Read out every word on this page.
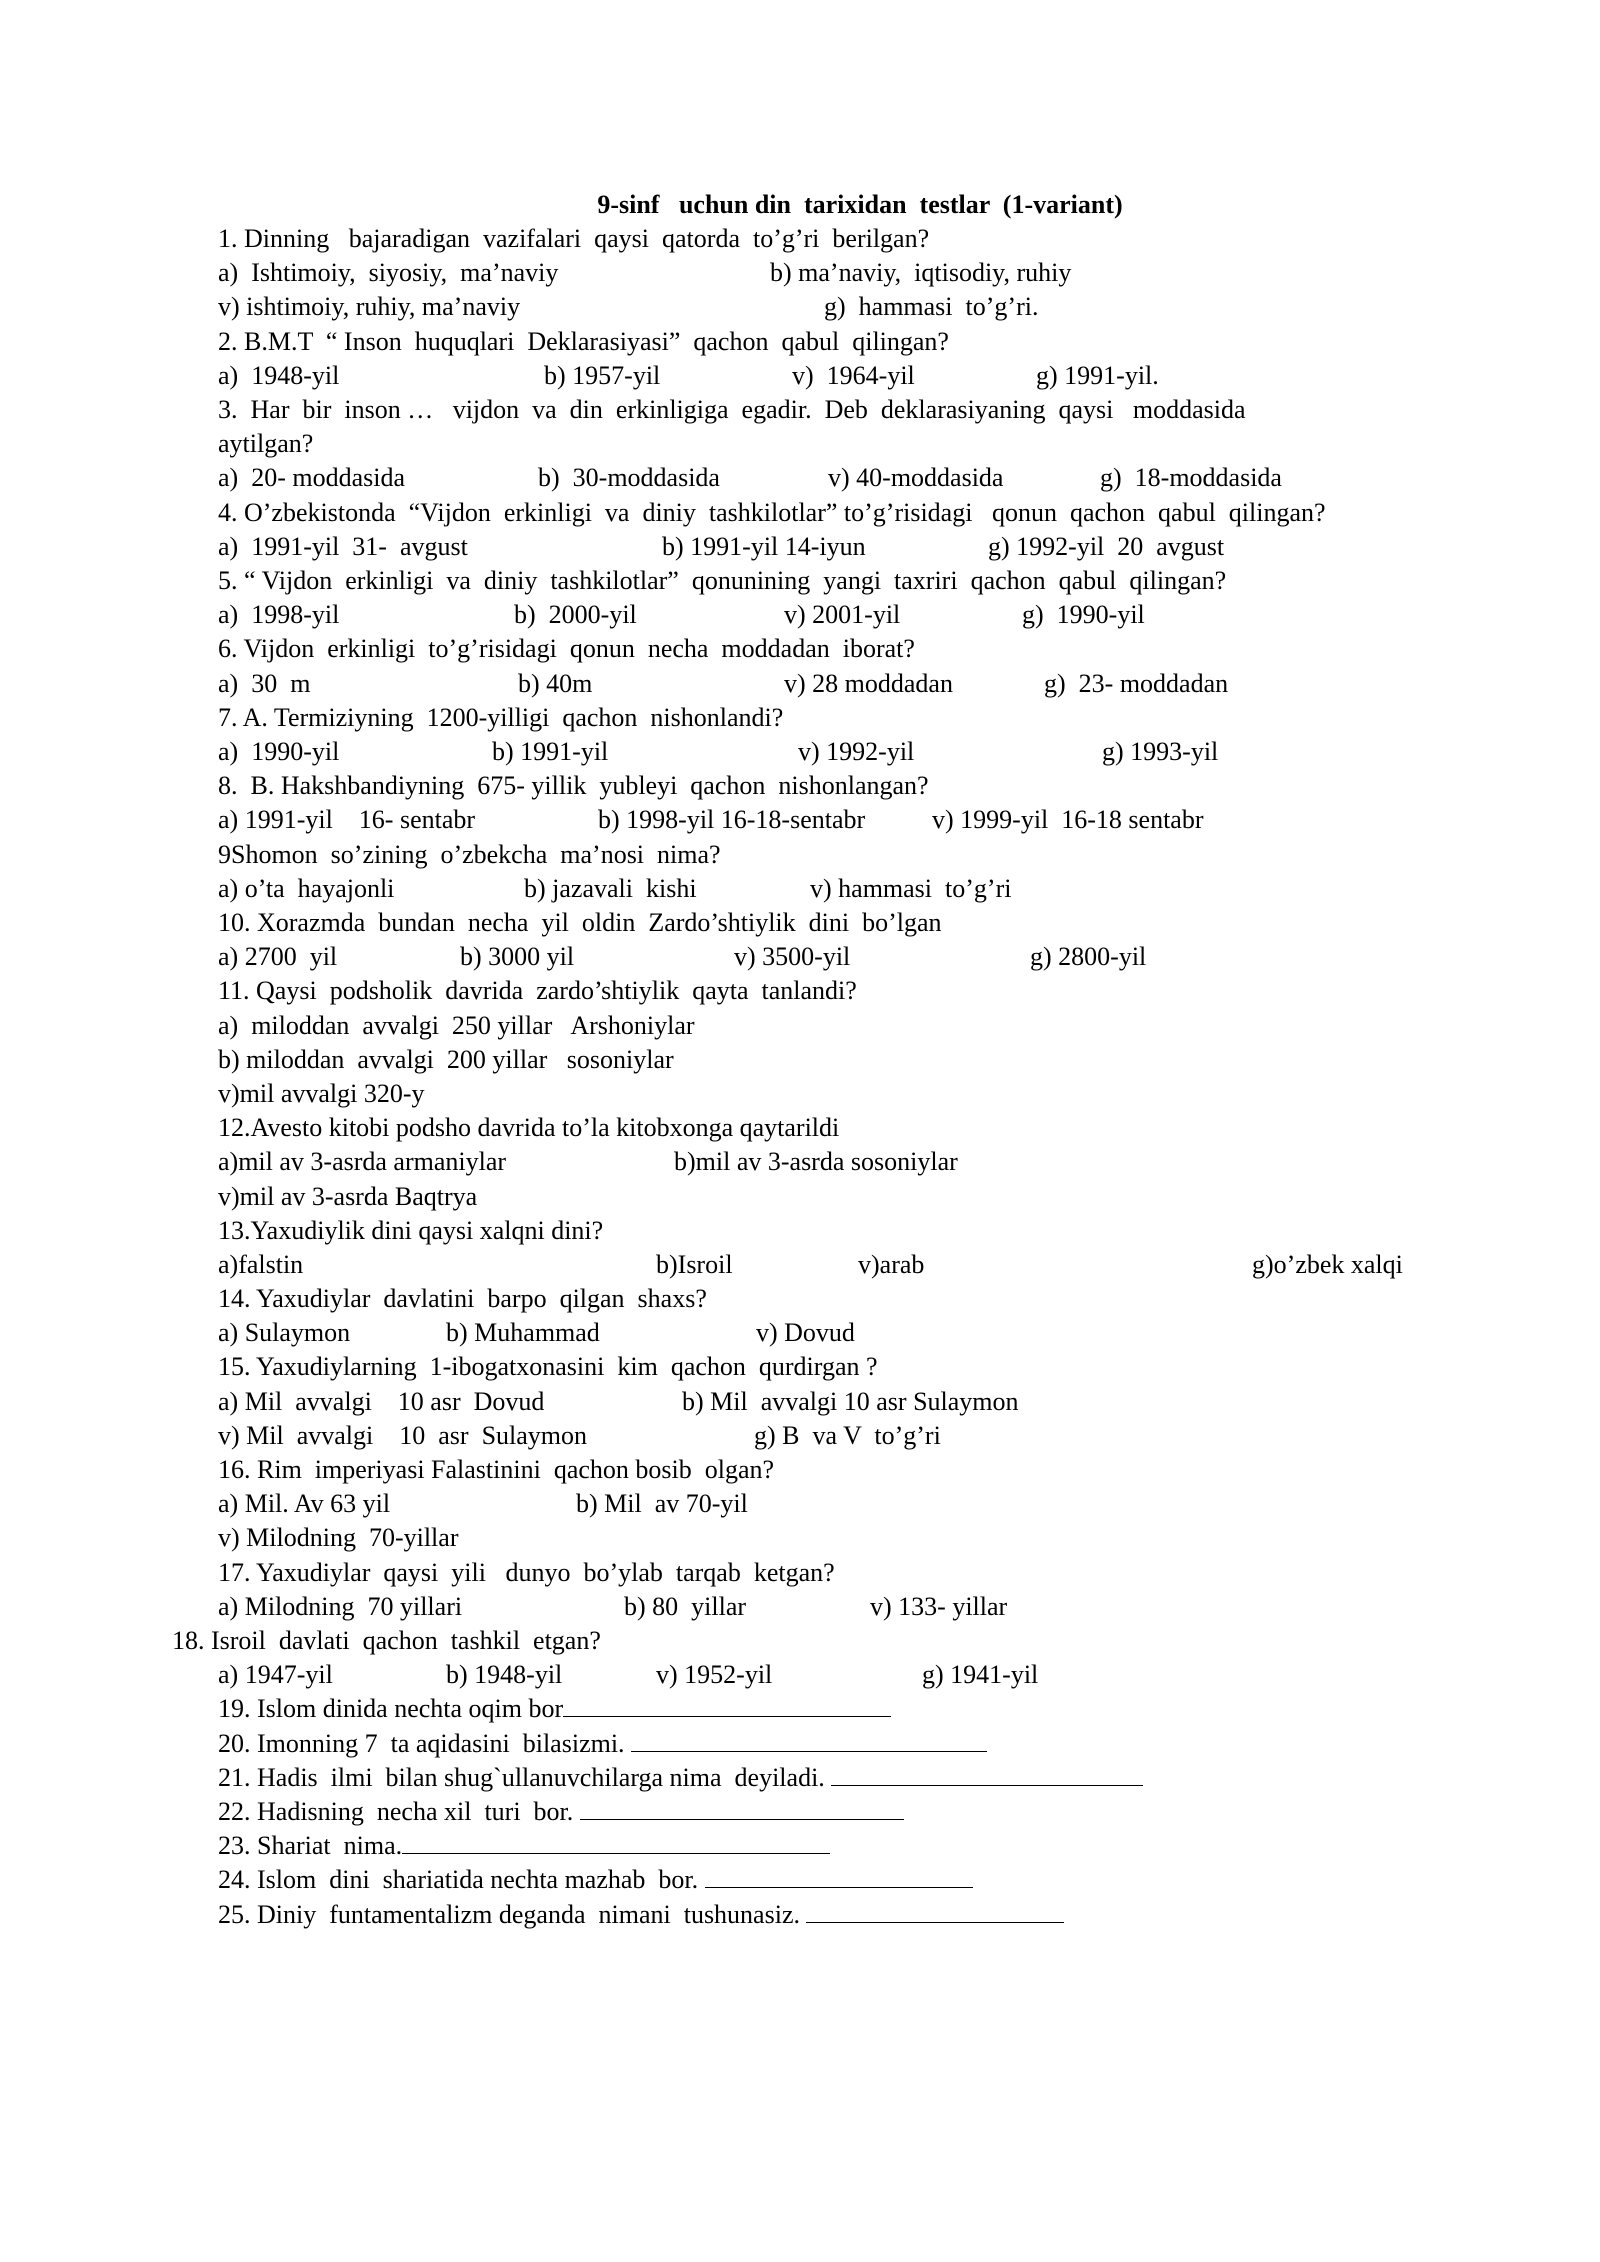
9-sinf   uchun din  tarixidan  testlar  (1-variant)
1. Dinning   bajaradigan  vazifalari  qaysi  qatorda  to’g’ri  berilgan?
a)  Ishtimoiy,  siyosiy,  ma’naviy	b) ma’naviy,  iqtisodiy, ruhiy
v) ishtimoiy, ruhiy, ma’naviy	g)  hammasi  to’g’ri.
2. B.M.T  “ Inson  huquqlari  Deklarasiyasi”  qachon  qabul  qilingan?
a)  1948-yil	b) 1957-yil	v)  1964-yil	g) 1991-yil.
3.  Har  bir  inson …   vijdon  va  din  erkinligiga  egadir.  Deb  deklarasiyaning  qaysi   moddasida
aytilgan?
a)  20- moddasida	b)  30-moddasida	v) 40-moddasida	g)  18-moddasida
4. O’zbekistonda  “Vijdon  erkinligi  va  diniy  tashkilotlar” to’g’risidagi   qonun  qachon  qabul  qilingan?
a)  1991-yil  31-  avgust	b) 1991-yil 14-iyun	g) 1992-yil  20  avgust
5. “ Vijdon  erkinligi  va  diniy  tashkilotlar”  qonunining  yangi  taxriri  qachon  qabul  qilingan?
a)  1998-yil	b)  2000-yil	v) 2001-yil	g)  1990-yil
6. Vijdon  erkinligi  to’g’risidagi  qonun  necha  moddadan  iborat?
a)  30  m	b) 40m	v) 28 moddadan	g)  23- moddadan
7. A. Termiziyning  1200-yilligi  qachon  nishonlandi?
a)  1990-yil	b) 1991-yil	v) 1992-yil	g) 1993-yil
8.  B. Hakshbandiyning  675- yillik  yubleyi  qachon  nishonlangan?
a) 1991-yil    16- sentabr	b) 1998-yil 16-18-sentabr	v) 1999-yil  16-18 sentabr
9Shomon  so’zining  o’zbekcha  ma’nosi  nima?
a) o’ta  hayajonli	b) jazavali  kishi	v) hammasi  to’g’ri
10. Xorazmda  bundan  necha  yil  oldin  Zardo’shtiylik  dini  bo’lgan
a) 2700  yil	b) 3000 yil	v) 3500-yil	g) 2800-yil
11. Qaysi  podsholik  davrida  zardo’shtiylik  qayta  tanlandi?
a)  miloddan  avvalgi  250 yillar   Arshoniylar
b) miloddan  avvalgi  200 yillar   sosoniylar
v)mil avvalgi 320-y
12.Avesto kitobi podsho davrida to’la kitobxonga qaytarildi
a)mil av 3-asrda armaniylar	b)mil av 3-asrda sosoniylar
v)mil av 3-asrda Baqtrya
13.Yaxudiylik dini qaysi xalqni dini?
a)falstin	b)Isroil	v)arab	g)o’zbek xalqi
14. Yaxudiylar  davlatini  barpo  qilgan  shaxs?
a) Sulaymon	b) Muhammad	v) Dovud
15. Yaxudiylarning  1-ibogatxonasini  kim  qachon  qurdirgan ?
a) Mil  avvalgi    10 asr  Dovud	b) Mil  avvalgi 10 asr Sulaymon
v) Mil  avvalgi    10  asr  Sulaymon	g) B  va V  to’g’ri
16. Rim  imperiyasi Falastinini  qachon bosib  olgan?
a) Mil. Av 63 yil	b) Mil  av 70-yil
v) Milodning  70-yillar
17. Yaxudiylar  qaysi  yili   dunyo  bo’ylab  tarqab  ketgan?
a) Milodning  70 yillari	b) 80  yillar	v) 133- yillar
18. Isroil  davlati  qachon  tashkil  etgan?
a) 1947-yil	b) 1948-yil	v) 1952-yil	g) 1941-yil
19. Islom dinida nechta oqim bor
20. Imonning 7  ta aqidasini  bilasizmi.
21. Hadis  ilmi  bilan shug`ullanuvchilarga nima  deyiladi.
22. Hadisning  necha xil  turi  bor.
23. Shariat  nima.
24. Islom  dini  shariatida nechta mazhab  bor.
25. Diniy  funtamentalizm deganda  nimani  tushunasiz.
